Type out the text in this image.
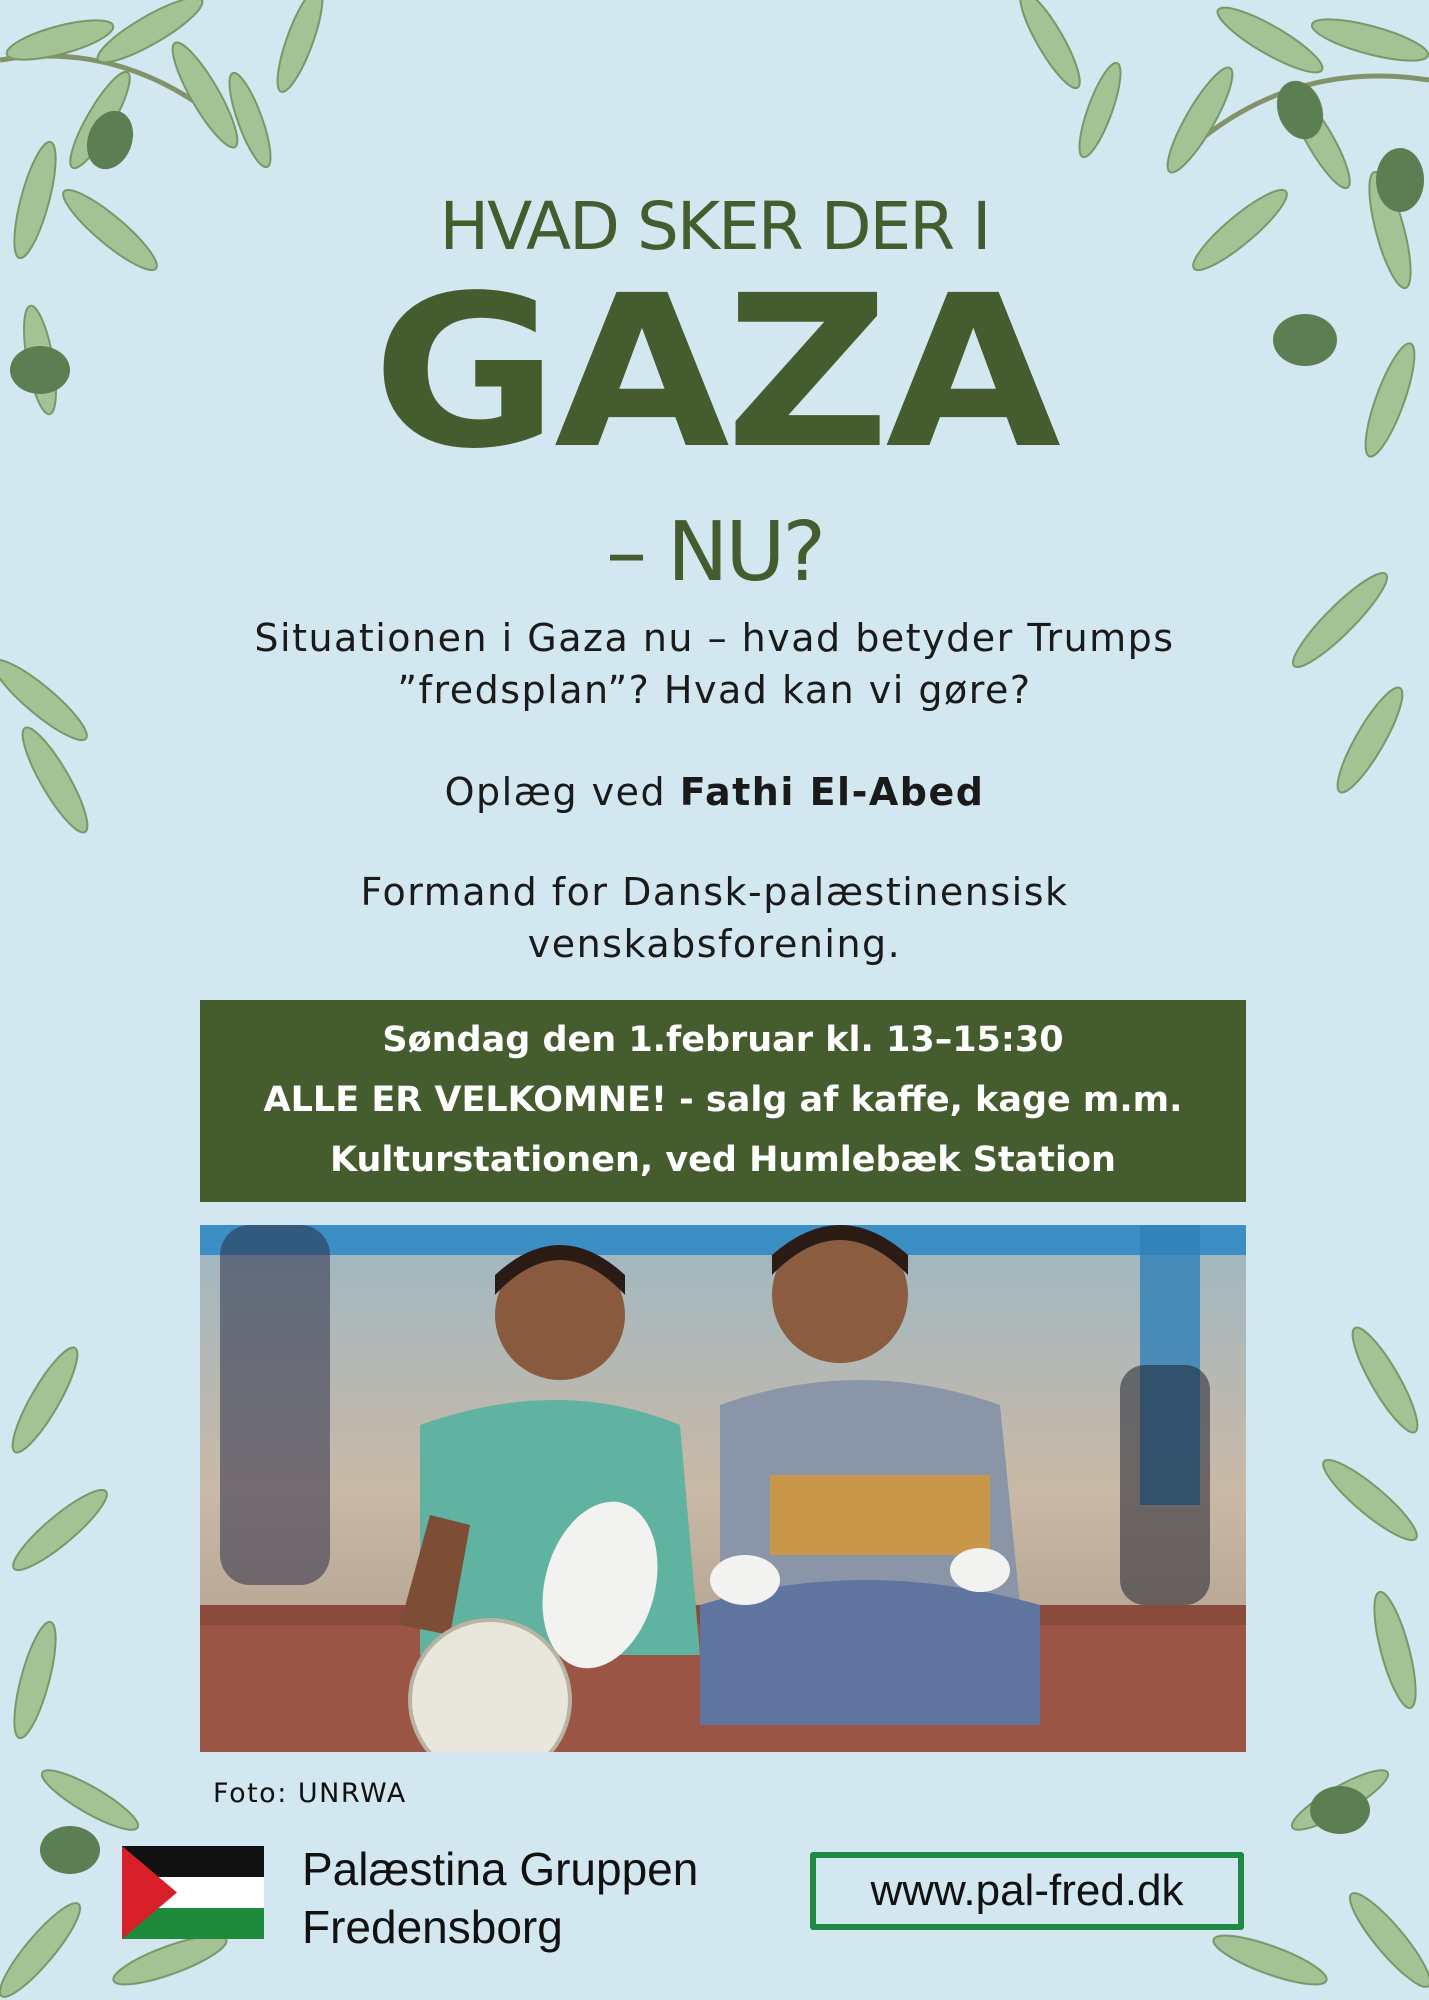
HVAD SKER DER I
GAZA
– NU?
Situationen i Gaza nu – hvad betyder Trumps
”fredsplan”? Hvad kan vi gøre?
Oplæg ved Fathi El-Abed
Formand for Dansk-palæstinensisk
venskabsforening.
Søndag den 1.februar kl. 13–15:30
ALLE ER VELKOMNE! - salg af kaffe, kage m.m.
Kulturstationen, ved Humlebæk Station
Foto: UNRWA
Palæstina Gruppen
Fredensborg
www.pal-fred.dk
